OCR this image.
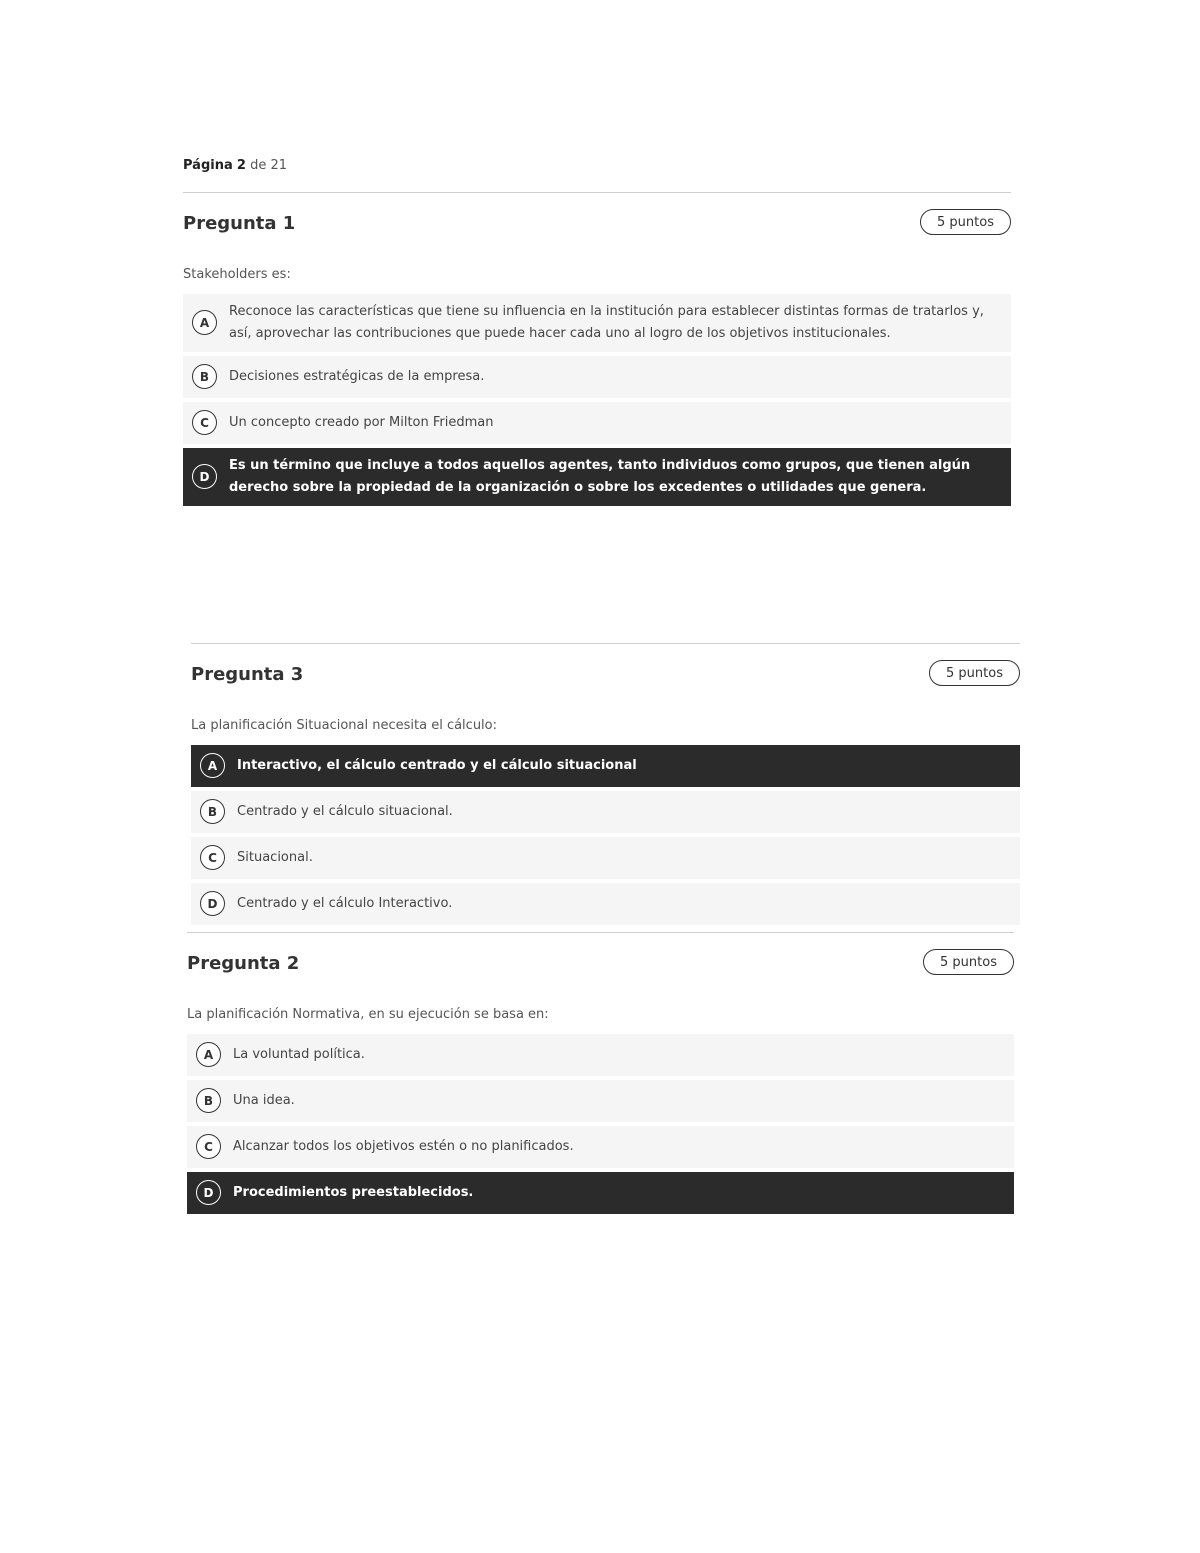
Página 2 de 21
Pregunta 1	5 puntos
Stakeholders es:
A
Reconoce las características que tiene su influencia en la institución para establecer distintas formas de tratarlos y, así, aprovechar las contribuciones que puede hacer cada uno al logro de los objetivos institucionales.
B	Decisiones estratégicas de la empresa.
C	Un concepto creado por Milton Friedman
D
Es un término que incluye a todos aquellos agentes, tanto individuos como grupos, que tienen algún derecho sobre la propiedad de la organización o sobre los excedentes o utilidades que genera.
Pregunta 3	5 puntos
La planificación Situacional necesita el cálculo:
A	Interactivo, el cálculo centrado y el cálculo situacional
B	Centrado y el cálculo situacional.
C	Situacional.
D	Centrado y el cálculo Interactivo.
Pregunta 2	5 puntos
La planificación Normativa, en su ejecución se basa en:
A	La voluntad política.
B	Una idea.
C	Alcanzar todos los objetivos estén o no planificados.
D	Procedimientos preestablecidos.
